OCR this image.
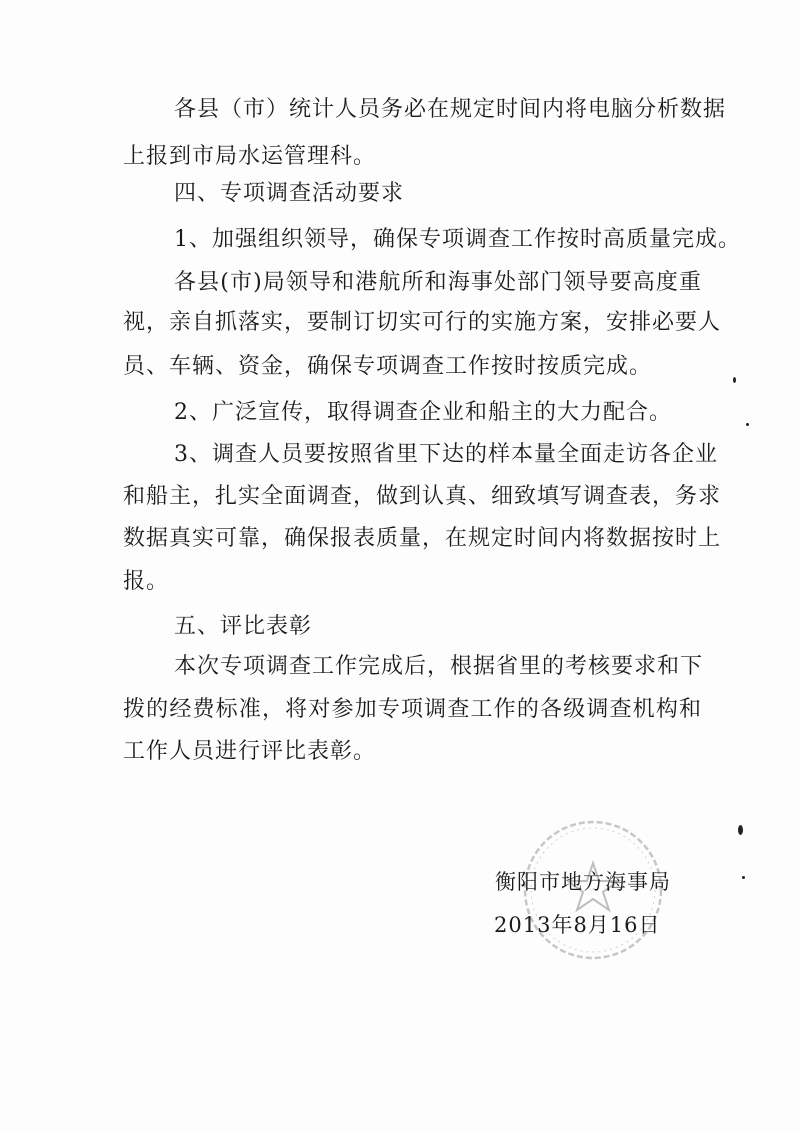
各县（市）统计人员务必在规定时间内将电脑分析数据
上报到市局水运管理科。
四、专项调查活动要求
1、加强组织领导，确保专项调查工作按时高质量完成。
各县(市)局领导和港航所和海事处部门领导要高度重
视，亲自抓落实，要制订切实可行的实施方案，安排必要人
员、车辆、资金，确保专项调查工作按时按质完成。
2、广泛宣传，取得调查企业和船主的大力配合。
3、调查人员要按照省里下达的样本量全面走访各企业
和船主，扎实全面调查，做到认真、细致填写调查表，务求
数据真实可靠，确保报表质量，在规定时间内将数据按时上
报。
五、评比表彰
本次专项调查工作完成后，根据省里的考核要求和下
拨的经费标准，将对参加专项调查工作的各级调查机构和
工作人员进行评比表彰。
衡阳市地方海事局
2013年8月16日
